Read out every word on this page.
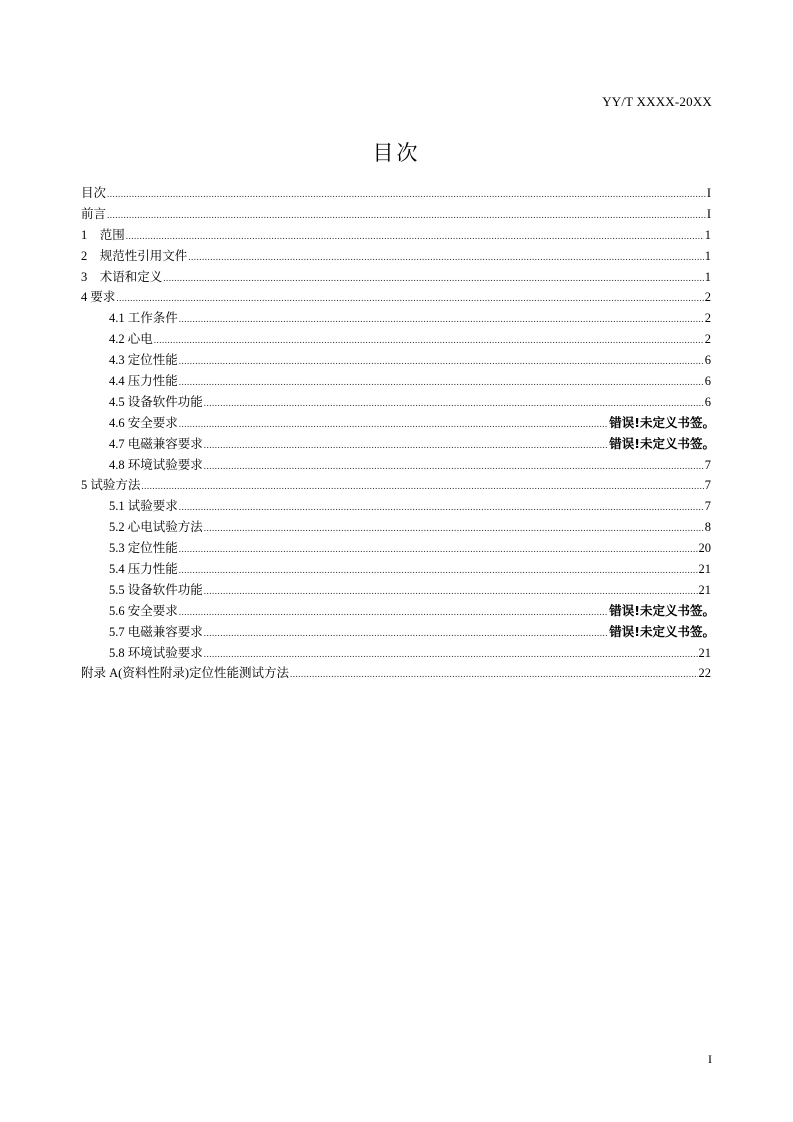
YY/T XXXX-20XX
目次
目次 .....	I
前言 .....	I
1　范围 .....	1
2　规范性引用文件 .....	1
3　术语和定义 .....	1
4 要求 .....	2
4.1 工作条件 .....	2
4.2 心电 .....	2
4.3 定位性能 .....	6
4.4 压力性能 .....	6
4.5 设备软件功能 .....	6
4.6 安全要求 .....	错误!未定义书签。
4.7 电磁兼容要求 .....	错误!未定义书签。
4.8 环境试验要求 .....	7
5 试验方法 .....	7
5.1 试验要求 .....	7
5.2 心电试验方法 .....	8
5.3 定位性能 .....	20
5.4 压力性能 .....	21
5.5 设备软件功能 .....	21
5.6 安全要求 .....	错误!未定义书签。
5.7 电磁兼容要求 .....	错误!未定义书签。
5.8 环境试验要求 .....	21
附录 A(资料性附录)定位性能测试方法 .....	22
I
